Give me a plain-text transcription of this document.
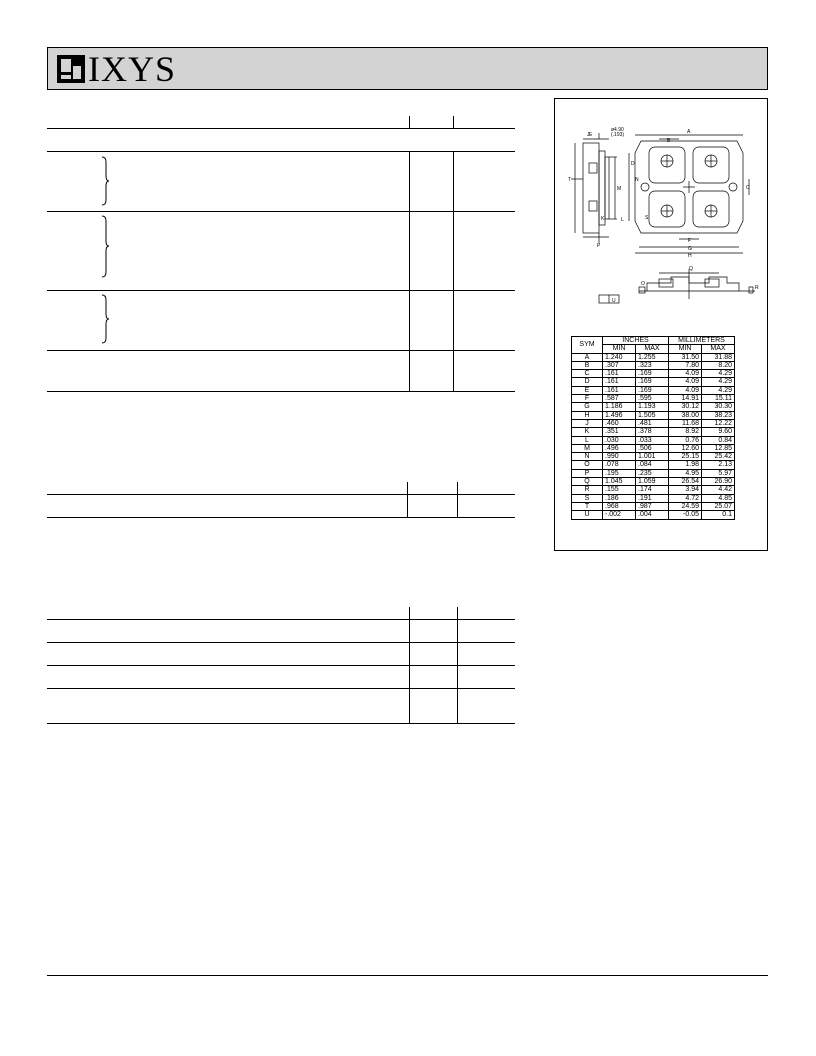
IXYS
ø4.90
(.193)
J
T
M
K	L
P
E	A
B
C
D
S
F
G
H
N
Q
O
R
U
SYM	INCHES		MILLIMETERS	
	MIN	MAX	MIN	MAX
A	1.240	1.255	31.50	31.88
B	.307	.323	7.80	8.20
C	.161	.169	4.09	4.29
D	.161	.169	4.09	4.29
E	.161	.169	4.09	4.29
F	.587	.595	14.91	15.11
G	1.186	1.193	30.12	30.30
H	1.496	1.505	38.00	38.23
J	.460	.481	11.68	12.22
K	.351	.378	8.92	9.60
L	.030	.033	0.76	0.84
M	.496	.506	12.60	12.85
N	.990	1.001	25.15	25.42
O	.078	.084	1.98	2.13
P	.195	.235	4.95	5.97
Q	1.045	1.059	26.54	26.90
R	.155	.174	3.94	4.42
S	.186	.191	4.72	4.85
T	.968	.987	24.59	25.07
U	-.002	.004	-0.05	0.1
